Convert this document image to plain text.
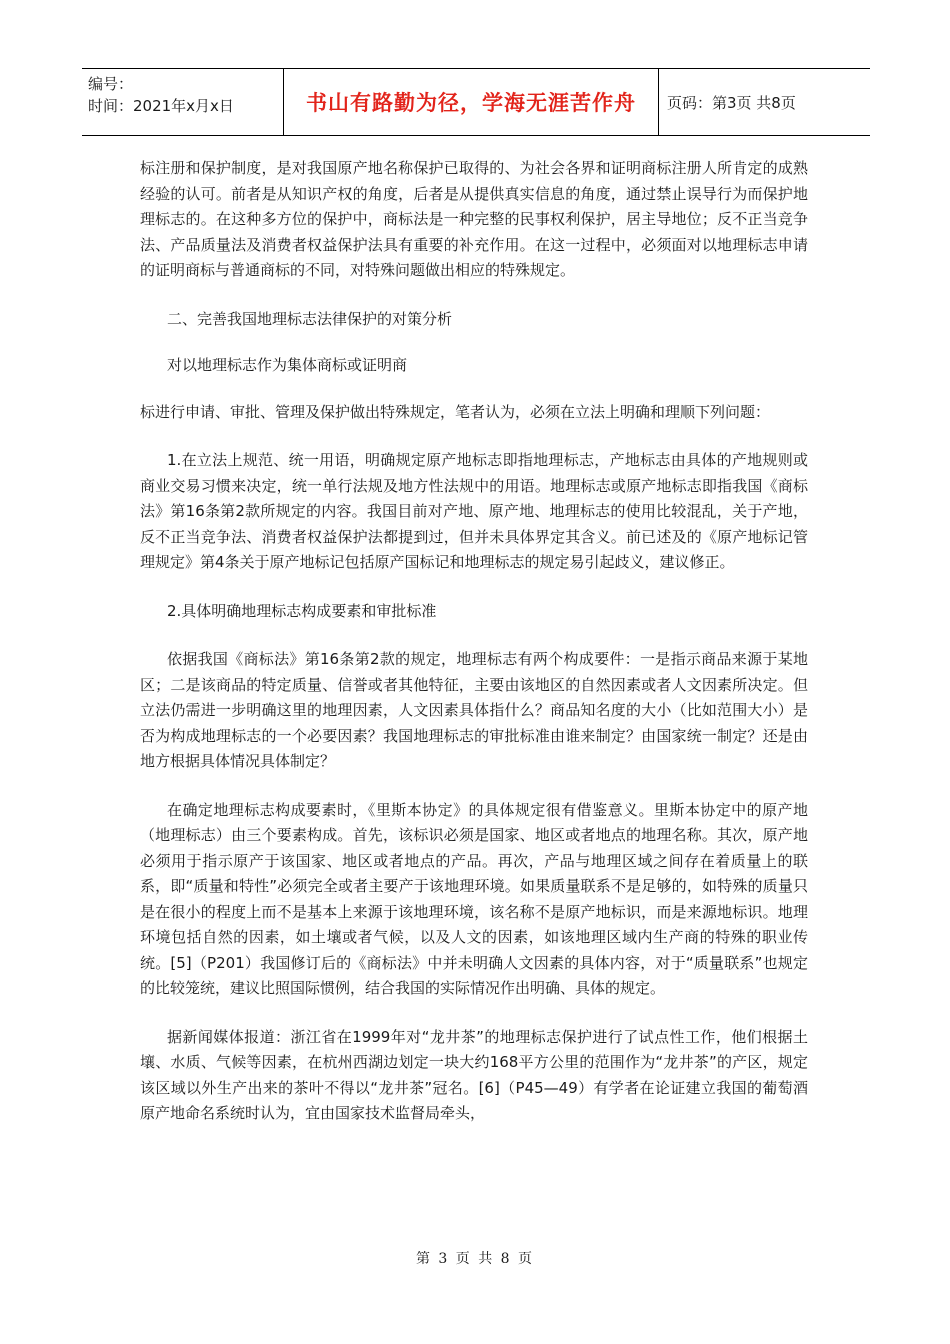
编号：
时间：2021年x月x日	书山有路勤为径，学海无涯苦作舟	页码：第3页 共8页

标注册和保护制度，是对我国原产地名称保护已取得的、为社会各界和证明商标注册人所肯定的成熟经验的认可。前者是从知识产权的角度，后者是从提供真实信息的角度，通过禁止误导行为而保护地理标志的。在这种多方位的保护中，商标法是一种完整的民事权利保护，居主导地位；反不正当竞争法、产品质量法及消费者权益保护法具有重要的补充作用。在这一过程中，必须面对以地理标志申请的证明商标与普通商标的不同，对特殊问题做出相应的特殊规定。

二、完善我国地理标志法律保护的对策分析

对以地理标志作为集体商标或证明商

标进行申请、审批、管理及保护做出特殊规定，笔者认为，必须在立法上明确和理顺下列问题：

1.在立法上规范、统一用语，明确规定原产地标志即指地理标志，产地标志由具体的产地规则或商业交易习惯来决定，统一单行法规及地方性法规中的用语。地理标志或原产地标志即指我国《商标法》第16条第2款所规定的内容。我国目前对产地、原产地、地理标志的使用比较混乱，关于产地，反不正当竞争法、消费者权益保护法都提到过，但并未具体界定其含义。前已述及的《原产地标记管理规定》第4条关于原产地标记包括原产国标记和地理标志的规定易引起歧义，建议修正。

2.具体明确地理标志构成要素和审批标准

依据我国《商标法》第16条第2款的规定，地理标志有两个构成要件：一是指示商品来源于某地区；二是该商品的特定质量、信誉或者其他特征，主要由该地区的自然因素或者人文因素所决定。但立法仍需进一步明确这里的地理因素，人文因素具体指什么？商品知名度的大小（比如范围大小）是否为构成地理标志的一个必要因素？我国地理标志的审批标准由谁来制定？由国家统一制定？还是由地方根据具体情况具体制定？

在确定地理标志构成要素时，《里斯本协定》的具体规定很有借鉴意义。里斯本协定中的原产地（地理标志）由三个要素构成。首先，该标识必须是国家、地区或者地点的地理名称。其次，原产地必须用于指示原产于该国家、地区或者地点的产品。再次，产品与地理区域之间存在着质量上的联系，即“质量和特性”必须完全或者主要产于该地理环境。如果质量联系不是足够的，如特殊的质量只是在很小的程度上而不是基本上来源于该地理环境，该名称不是原产地标识，而是来源地标识。地理环境包括自然的因素，如土壤或者气候，以及人文的因素，如该地理区域内生产商的特殊的职业传统。[5]（P201）我国修订后的《商标法》中并未明确人文因素的具体内容，对于“质量联系”也规定的比较笼统，建议比照国际惯例，结合我国的实际情况作出明确、具体的规定。

据新闻媒体报道：浙江省在1999年对“龙井茶”的地理标志保护进行了试点性工作，他们根据土壤、水质、气候等因素，在杭州西湖边划定一块大约168平方公里的范围作为“龙井茶”的产区，规定该区域以外生产出来的茶叶不得以“龙井茶”冠名。[6]（P45—49）有学者在论证建立我国的葡萄酒原产地命名系统时认为，宜由国家技术监督局牵头，

第 3 页 共 8 页
